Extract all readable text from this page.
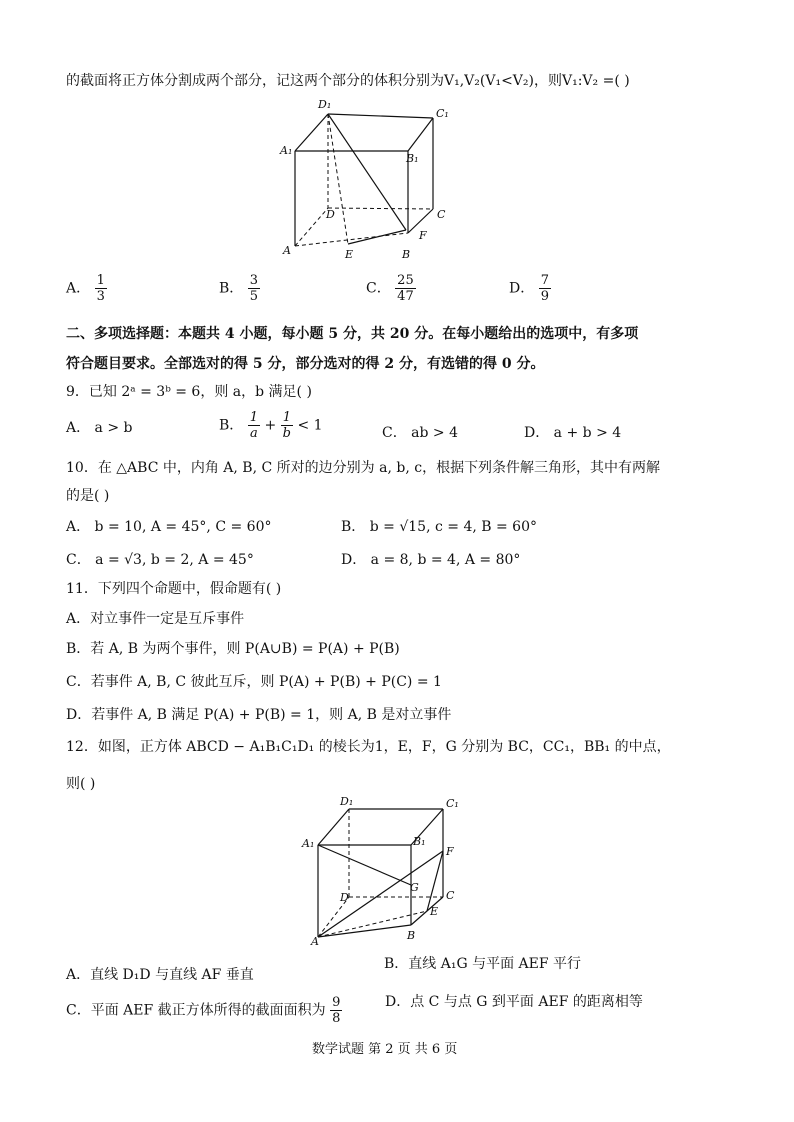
的截面将正方体分割成两个部分，记这两个部分的体积分别为V₁,V₂(V₁<V₂)，则V₁:V₂ =( )
D₁
C₁
A₁
B₁
D	C
F
A	E	B
A． $\frac{1}{3}$	B． $\frac{3}{5}$	C． $\frac{25}{47}$	D． $\frac{7}{9}$
二、多项选择题：本题共 4 小题，每小题 5 分，共 20 分。在每小题给出的选项中，有多项
符合题目要求。全部选对的得 5 分，部分选对的得 2 分，有选错的得 0 分。
9．已知 2ᵃ = 3ᵇ = 6，则 a，b 满足( )
A． a > b	B． $\frac{1}{a} + \frac{1}{b} < 1$	C． ab > 4	D． a + b > 4
10．在 △ABC 中，内角 A, B, C 所对的边分别为 a, b, c，根据下列条件解三角形，其中有两解
的是( )
A． b = 10, A = 45°, C = 60°	B． b = √15, c = 4, B = 60°
C． a = √3, b = 2, A = 45°	D． a = 8, b = 4, A = 80°
11．下列四个命题中，假命题有( )
A．对立事件一定是互斥事件
B．若 A, B 为两个事件，则 P(A∪B) = P(A) + P(B)
C．若事件 A, B, C 彼此互斥，则 P(A) + P(B) + P(C) = 1
D．若事件 A, B 满足 P(A) + P(B) = 1，则 A, B 是对立事件
12．如图，正方体 ABCD − A₁B₁C₁D₁ 的棱长为1，E，F，G 分别为 BC，CC₁，BB₁ 的中点，
则( )
D₁	C₁
A₁	B₁
F
D
G
C
E
A	B
A．直线 D₁D 与直线 AF 垂直
B．直线 A₁G 与平面 AEF 平行
C．平面 AEF 截正方体所得的截面面积为 $\frac{9}{8}$	D．点 C 与点 G 到平面 AEF 的距离相等
数学试题 第 2 页 共 6 页
